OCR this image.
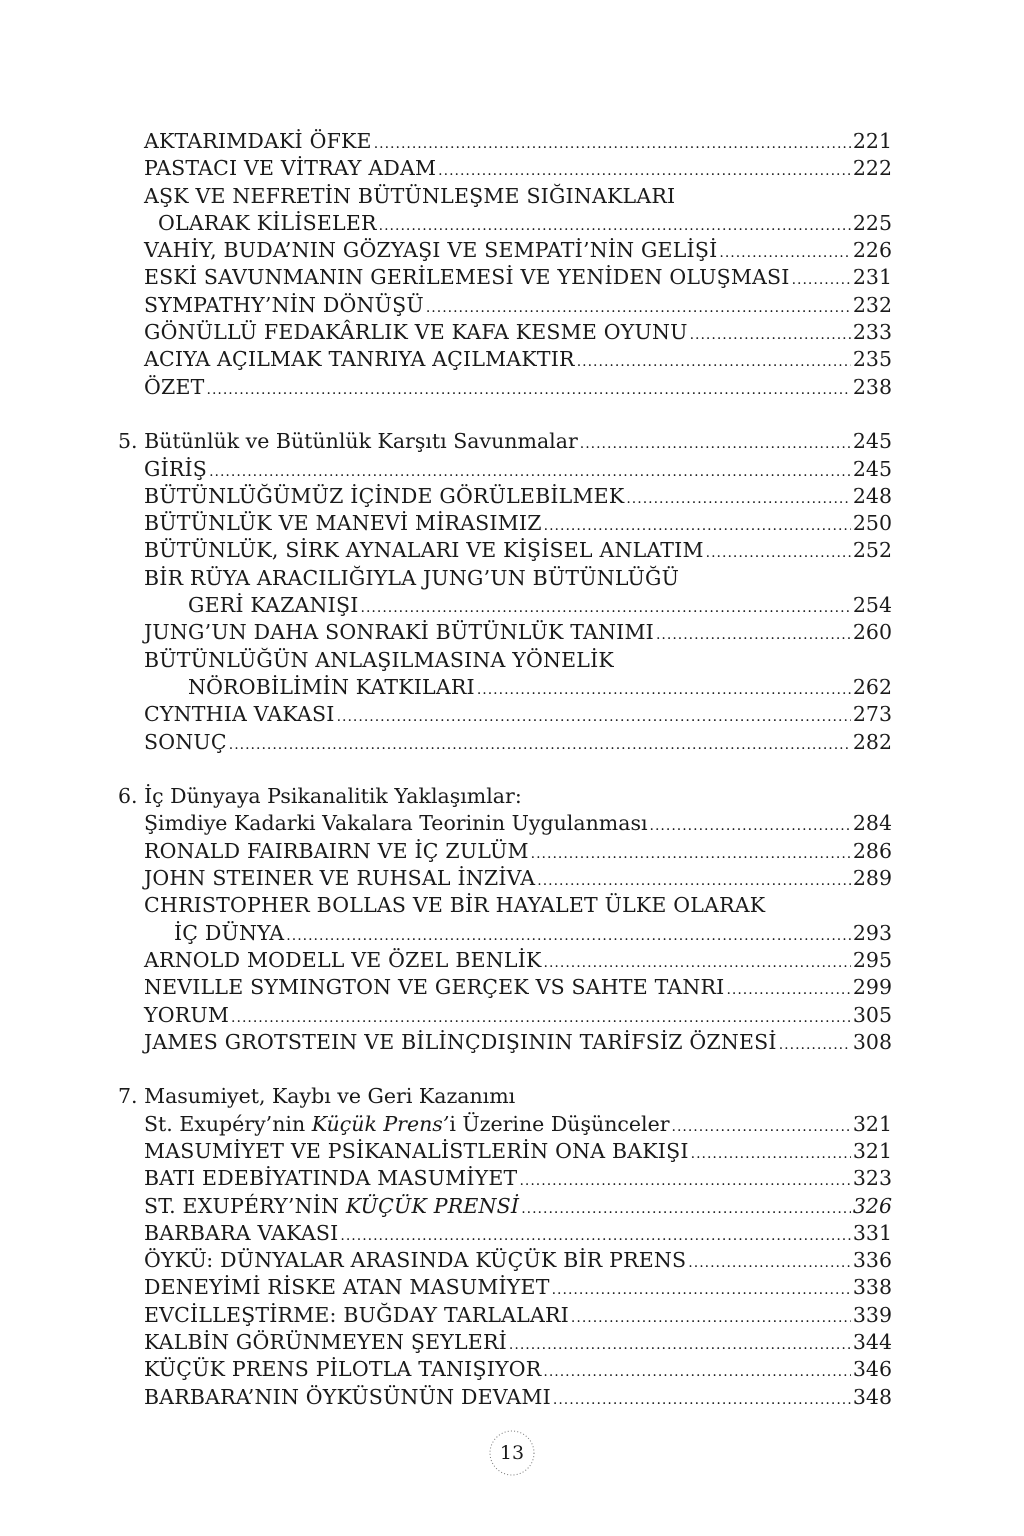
AKTARIMDAKİ ÖFKE .....	221
PASTACI VE VİTRAY ADAM .....	222
AŞK VE NEFRETİN BÜTÜNLEŞME SIĞINAKLARI
OLARAK KİLİSELER .....	225
VAHİY, BUDA’NIN GÖZYAŞI VE SEMPATİ’NİN GELİŞİ .....	226
ESKİ SAVUNMANIN GERİLEMESİ VE YENİDEN OLUŞMASI .....	231
SYMPATHY’NİN DÖNÜŞÜ .....	232
GÖNÜLLÜ FEDAKÂRLIK VE KAFA KESME OYUNU .....	233
ACIYA AÇILMAK TANRIYA AÇILMAKTIR .....	235
ÖZET .....	238
5. Bütünlük ve Bütünlük Karşıtı Savunmalar .....	245
GİRİŞ .....	245
BÜTÜNLÜĞÜMÜZ İÇİNDE GÖRÜLEBİLMEK .....	248
BÜTÜNLÜK VE MANEVİ MİRASIMIZ .....	250
BÜTÜNLÜK, SİRK AYNALARI VE KİŞİSEL ANLATIM .....	252
BİR RÜYA ARACILIĞIYLA JUNG’UN BÜTÜNLÜĞÜ
GERİ KAZANIŞI .....	254
JUNG’UN DAHA SONRAKİ BÜTÜNLÜK TANIMI .....	260
BÜTÜNLÜĞÜN ANLAŞILMASINA YÖNELİK
NÖROBİLİMİN KATKILARI .....	262
CYNTHIA VAKASI .....	273
SONUÇ .....	282
6. İç Dünyaya Psikanalitik Yaklaşımlar:
Şimdiye Kadarki Vakalara Teorinin Uygulanması .....	284
RONALD FAIRBAIRN VE İÇ ZULÜM .....	286
JOHN STEINER VE RUHSAL İNZİVA .....	289
CHRISTOPHER BOLLAS VE BİR HAYALET ÜLKE OLARAK
İÇ DÜNYA .....	293
ARNOLD MODELL VE ÖZEL BENLİK .....	295
NEVILLE SYMINGTON VE GERÇEK VS SAHTE TANRI .....	299
YORUM .....	305
JAMES GROTSTEIN VE BİLİNÇDIŞININ TARİFSİZ ÖZNESİ .....	308
7. Masumiyet, Kaybı ve Geri Kazanımı
St. Exupéry’nin Küçük Prens’i Üzerine Düşünceler .....	321
MASUMİYET VE PSİKANALİSTLERİN ONA BAKIŞI .....	321
BATI EDEBİYATINDA MASUMİYET .....	323
ST. EXUPÉRY’NİN KÜÇÜK PRENSİ .....	326
BARBARA VAKASI .....	331
ÖYKÜ: DÜNYALAR ARASINDA KÜÇÜK BİR PRENS .....	336
DENEYİMİ RİSKE ATAN MASUMİYET .....	338
EVCİLLEŞTİRME: BUĞDAY TARLALARI .....	339
KALBİN GÖRÜNMEYEN ŞEYLERİ .....	344
KÜÇÜK PRENS PİLOTLA TANIŞIYOR .....	346
BARBARA’NIN ÖYKÜSÜNÜN DEVAMI .....	348
13
